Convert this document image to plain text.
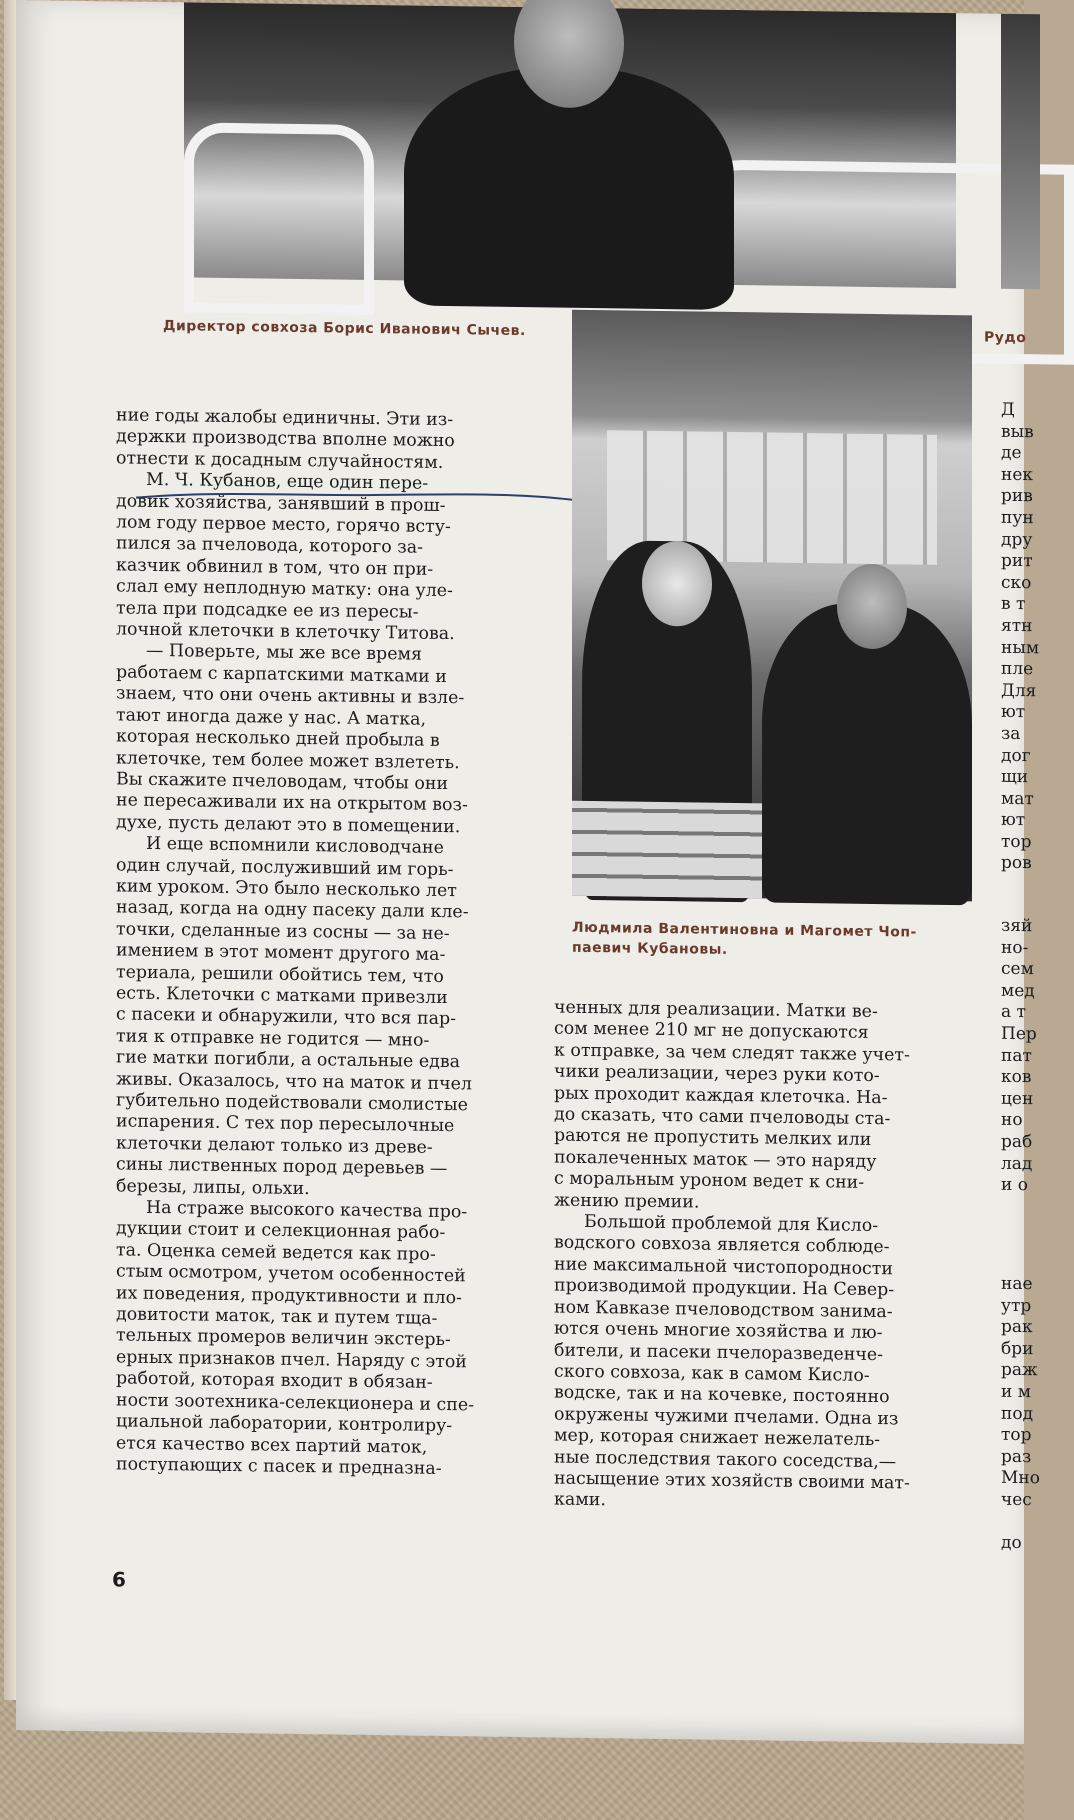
Директор совхоза Борис Иванович Сычев.	Рудо
Людмила Валентиновна и Магомет Чоп-
паевич Кубановы.

ние годы жалобы единичны. Эти из-

держки производства вполне можно

отнести к досадным случайностям.

М. Ч. Кубанов, еще один пере-

довик хозяйства, занявший в прош-

лом году первое место, горячо всту-

пился за пчеловода, которого за-

казчик обвинил в том, что он при-

слал ему неплодную матку: она уле-

тела при подсадке ее из пересы-

лочной клеточки в клеточку Титова.

— Поверьте, мы же все время

работаем с карпатскими матками и

знаем, что они очень активны и взле-

тают иногда даже у нас. А матка,

которая несколько дней пробыла в

клеточке, тем более может взлететь.

Вы скажите пчеловодам, чтобы они

не пересаживали их на открытом воз-

духе, пусть делают это в помещении.

И еще вспомнили кисловодчане

один случай, послуживший им горь-

ким уроком. Это было несколько лет

назад, когда на одну пасеку дали кле-

точки, сделанные из сосны — за не-

имением в этот момент другого ма-

териала, решили обойтись тем, что

есть. Клеточки с матками привезли

с пасеки и обнаружили, что вся пар-

тия к отправке не годится — мно-

гие матки погибли, а остальные едва

живы. Оказалось, что на маток и пчел

губительно подействовали смолистые

испарения. С тех пор пересылочные

клеточки делают только из древе-

сины лиственных пород деревьев —

березы, липы, ольхи.

На страже высокого качества про-

дукции стоит и селекционная рабо-

та. Оценка семей ведется как про-

стым осмотром, учетом особенностей

их поведения, продуктивности и пло-

довитости маток, так и путем тща-

тельных промеров величин экстерь-

ерных признаков пчел. Наряду с этой

работой, которая входит в обязан-

ности зоотехника-селекционера и спе-

циальной лаборатории, контролиру-

ется качество всех партий маток,

поступающих с пасек и предназна-

ченных для реализации. Матки ве-

сом менее 210 мг не допускаются

к отправке, за чем следят также учет-

чики реализации, через руки кото-

рых проходит каждая клеточка. На-

до сказать, что сами пчеловоды ста-

раются не пропустить мелких или

покалеченных маток — это наряду

с моральным уроном ведет к сни-

жению премии.

Большой проблемой для Кисло-

водского совхоза является соблюде-

ние максимальной чистопородности

производимой продукции. На Север-

ном Кавказе пчеловодством занима-

ются очень многие хозяйства и лю-

бители, и пасеки пчелоразведенче-

ского совхоза, как в самом Кисло-

водске, так и на кочевке, постоянно

окружены чужими пчелами. Одна из

мер, которая снижает нежелатель-

ные последствия такого соседства,—

насыщение этих хозяйств своими мат-

ками.

Д
выв
де
нек
рив
пун
дру
рит
ско
в т
ятн
ным
пле
Для
ют
за
дог
щи
мат
ют
тор
ров
зяй
но-
сем
мед
а т
Пер
пат
ков
цен
но
раб
лад
и о
нае
утр
рак
бри
раж
и м
под
тор
раз
Мно
чес

до
6
